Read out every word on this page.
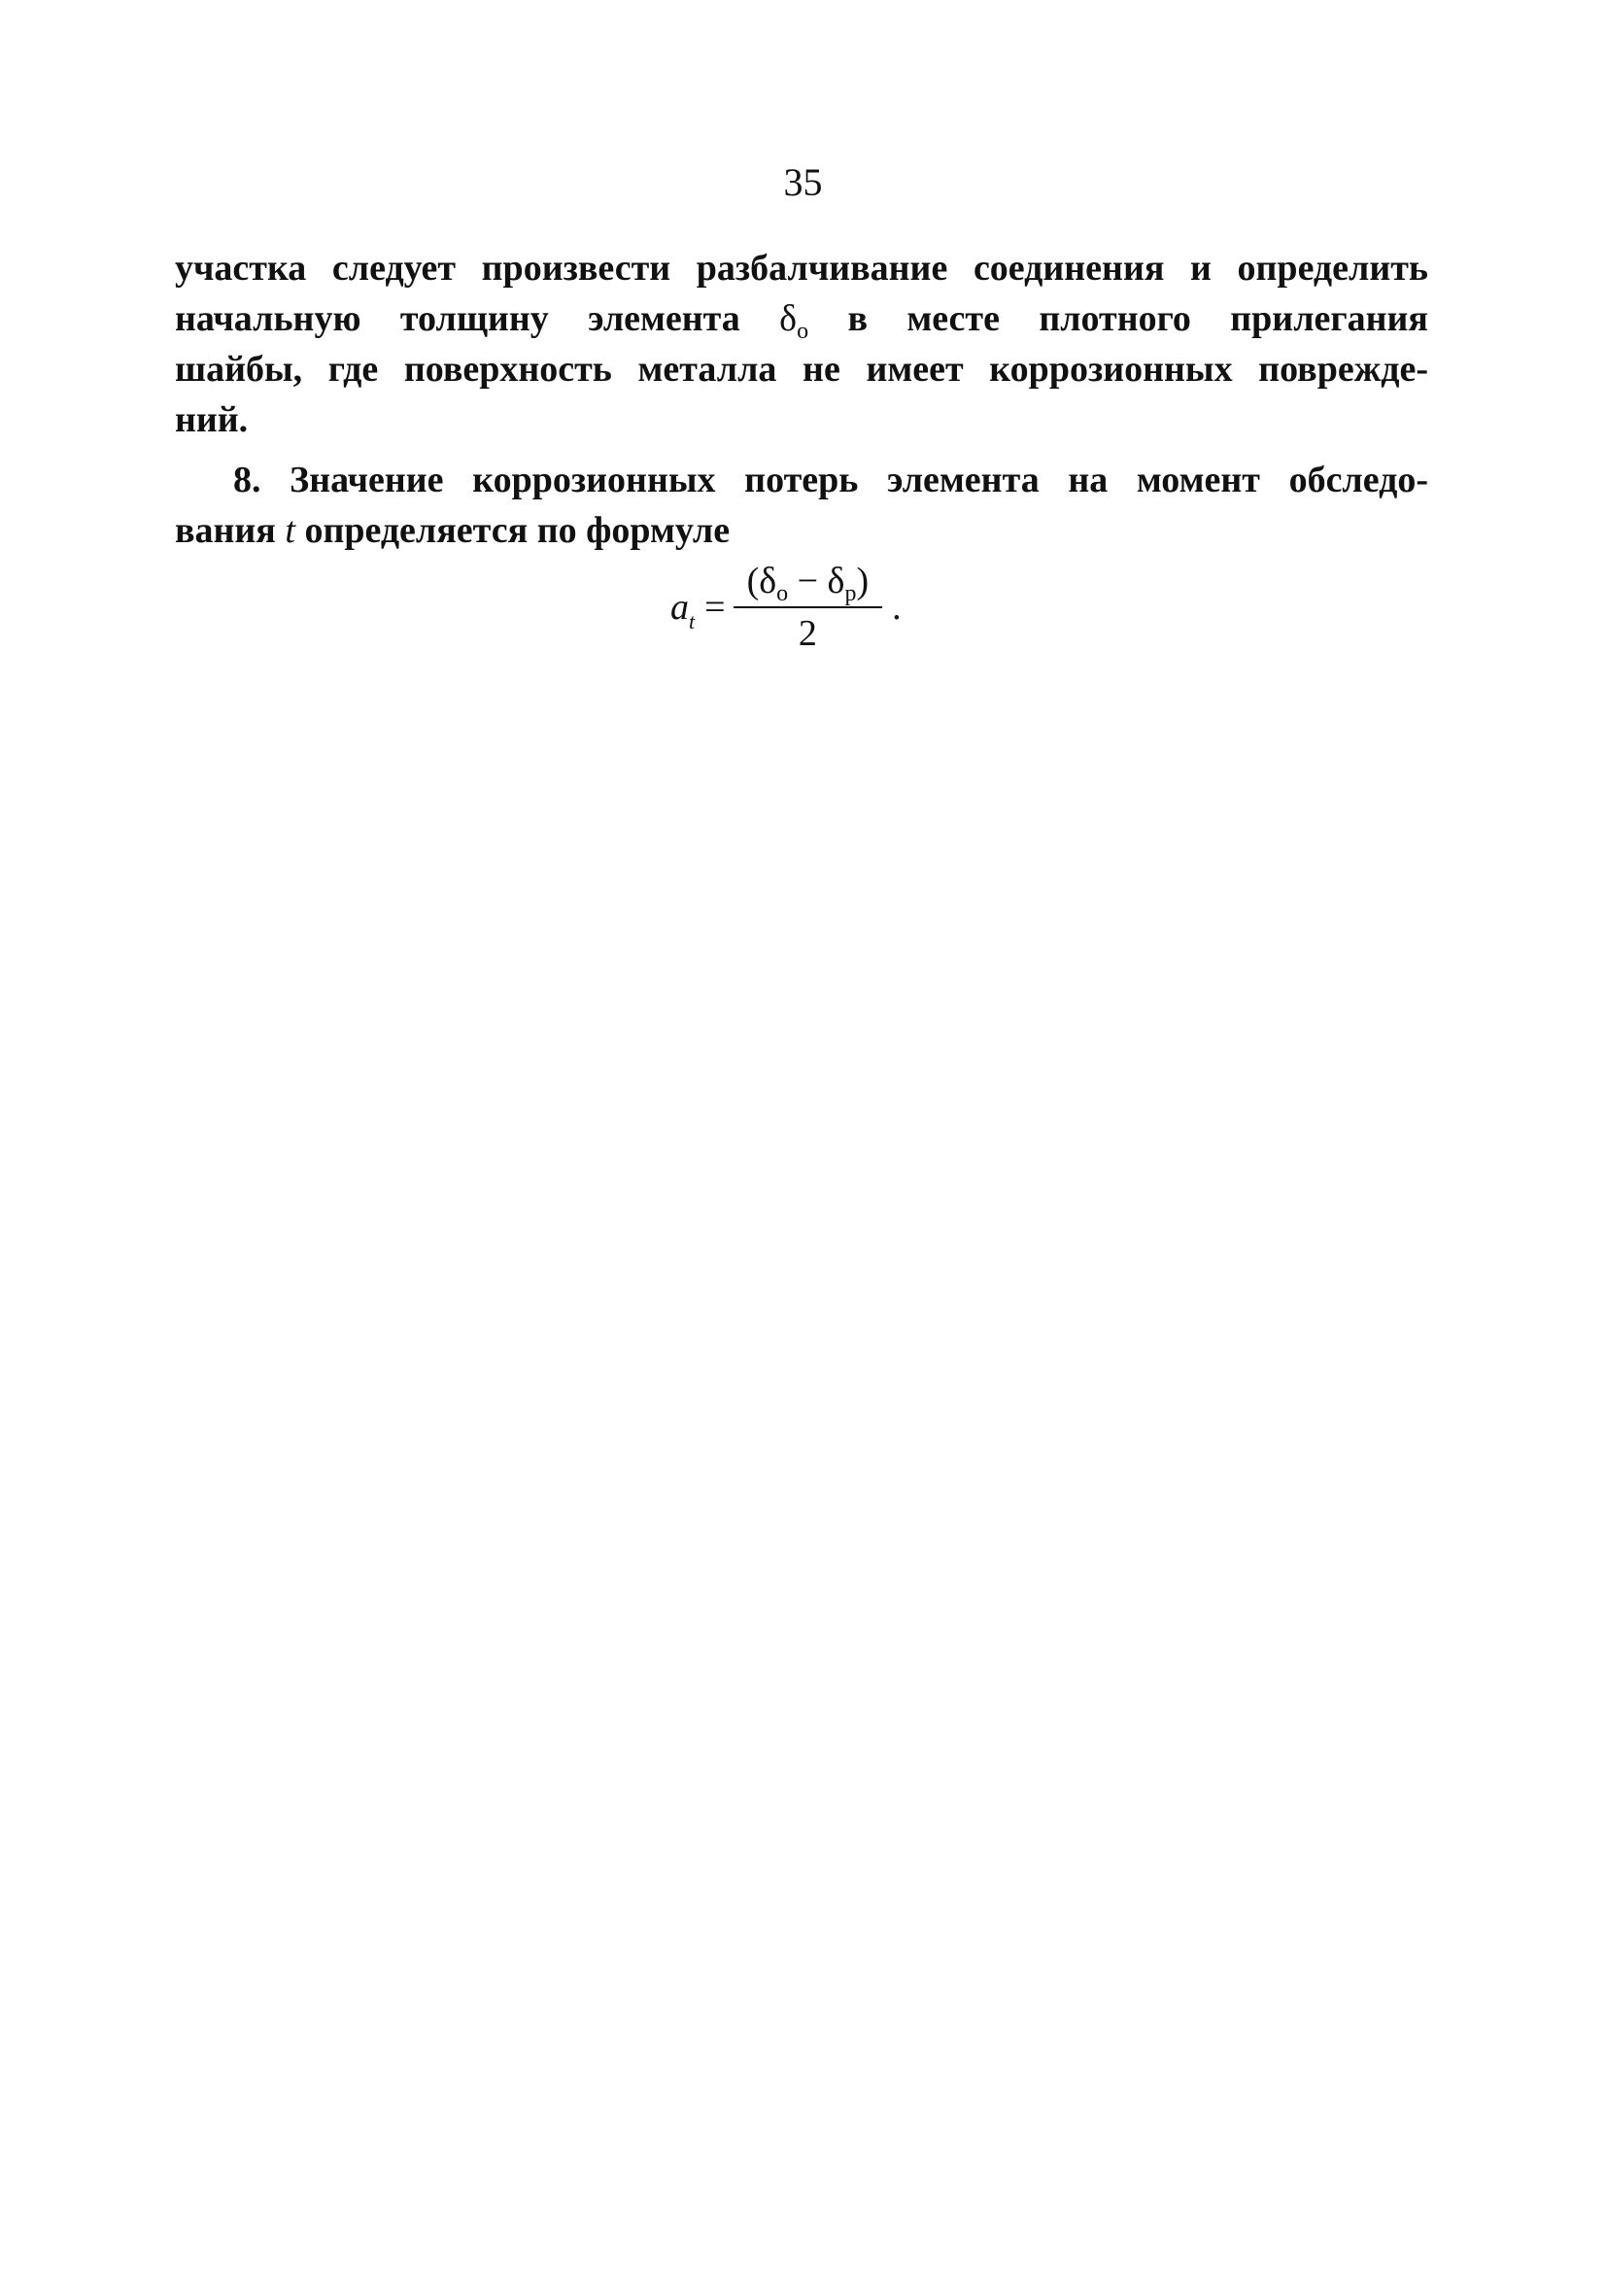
35
участка следует произвести разбалчивание соединения и определить
начальную толщину элемента $\delta_о$ в месте плотного прилегания
шайбы, где поверхность металла не имеет коррозионных поврежде-
ний.
8. Значение коррозионных потерь элемента на момент обследо-
вания t определяется по формуле
$a_t = \frac{(\delta_о - \delta_р)}{2}$ .
